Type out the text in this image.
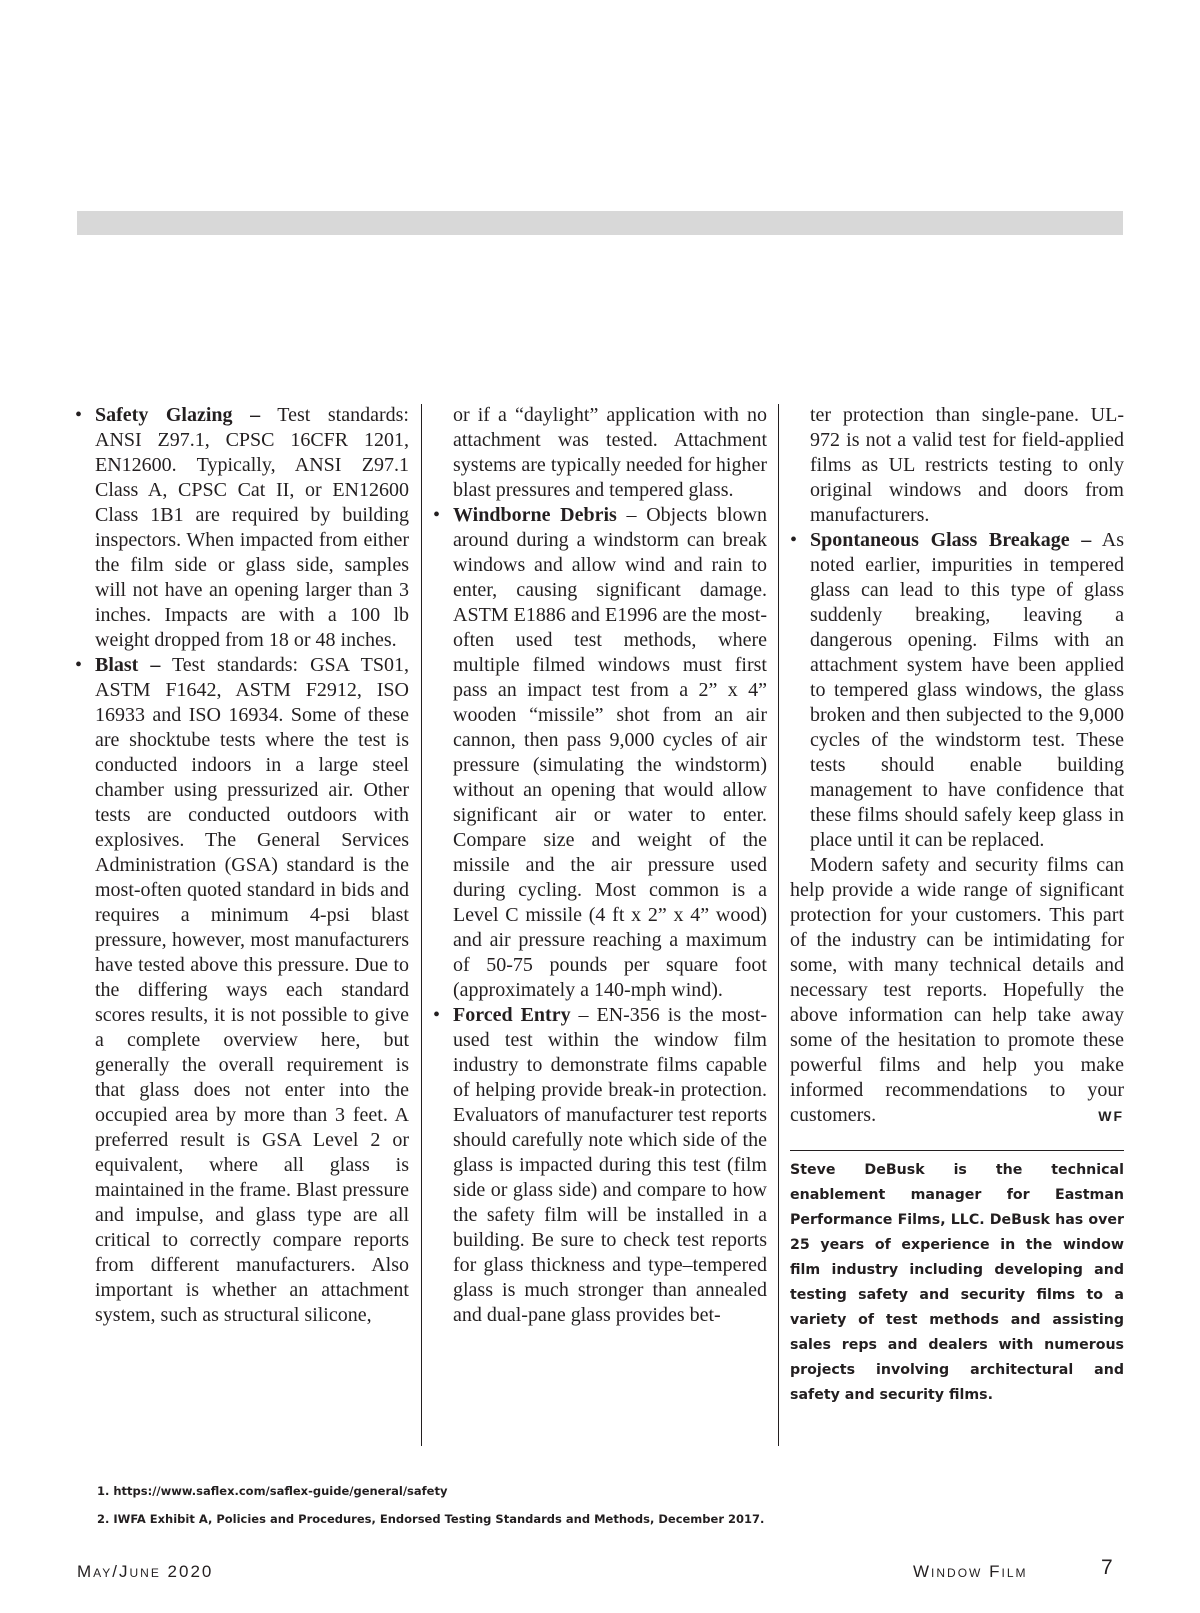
• Safety Glazing – Test standards: ANSI Z97.1, CPSC 16CFR 1201, EN12600. Typically, ANSI Z97.1 Class A, CPSC Cat II, or EN12600 Class 1B1 are required by building inspectors. When impacted from either the film side or glass side, samples will not have an opening larger than 3 inches. Impacts are with a 100 lb weight dropped from 18 or 48 inches.
• Blast – Test standards: GSA TS01, ASTM F1642, ASTM F2912, ISO 16933 and ISO 16934. Some of these are shocktube tests where the test is conducted indoors in a large steel chamber using pressurized air. Other tests are conducted outdoors with explosives. The General Services Administration (GSA) standard is the most-often quoted standard in bids and requires a minimum 4-psi blast pressure, however, most manufacturers have tested above this pressure. Due to the differing ways each standard scores results, it is not possible to give a complete overview here, but generally the overall requirement is that glass does not enter into the occupied area by more than 3 feet. A preferred result is GSA Level 2 or equivalent, where all glass is maintained in the frame. Blast pressure and impulse, and glass type are all critical to correctly compare reports from different manufacturers. Also important is whether an attachment system, such as structural silicone,
or if a “daylight” application with no attachment was tested. Attachment systems are typically needed for higher blast pressures and tempered glass.
• Windborne Debris – Objects blown around during a windstorm can break windows and allow wind and rain to enter, causing significant damage. ASTM E1886 and E1996 are the most-often used test methods, where multiple filmed windows must first pass an impact test from a 2” x 4” wooden “missile” shot from an air cannon, then pass 9,000 cycles of air pressure (simulating the windstorm) without an opening that would allow significant air or water to enter. Compare size and weight of the missile and the air pressure used during cycling. Most common is a Level C missile (4 ft x 2” x 4” wood) and air pressure reaching a maximum of 50-75 pounds per square foot (approximately a 140-mph wind).
• Forced Entry – EN-356 is the most-used test within the window film industry to demonstrate films capable of helping provide break-in protection. Evaluators of manufacturer test reports should carefully note which side of the glass is impacted during this test (film side or glass side) and compare to how the safety film will be installed in a building. Be sure to check test reports for glass thickness and type–tempered glass is much stronger than annealed and dual-pane glass provides bet-
ter protection than single-pane. UL-972 is not a valid test for field-applied films as UL restricts testing to only original windows and doors from manufacturers.
• Spontaneous Glass Breakage – As noted earlier, impurities in tempered glass can lead to this type of glass suddenly breaking, leaving a dangerous opening. Films with an attachment system have been applied to tempered glass windows, the glass broken and then subjected to the 9,000 cycles of the windstorm test. These tests should enable building management to have confidence that these films should safely keep glass in place until it can be replaced.

Modern safety and security films can help provide a wide range of significant protection for your customers. This part of the industry can be intimidating for some, with many technical details and necessary test reports. Hopefully the above information can help take away some of the hesitation to promote these powerful films and help you make informed recommendations to your customers.	WF

Steve DeBusk is the technical enablement manager for Eastman Performance Films, LLC. DeBusk has over 25 years of experience in the window film industry including developing and testing safety and security films to a variety of test methods and assisting sales reps and dealers with numerous projects involving architectural and safety and security films.

1. https://www.saflex.com/saflex-guide/general/safety
2. IWFA Exhibit A, Policies and Procedures, Endorsed Testing Standards and Methods, December 2017.
May/June 2020	Window Film	7
